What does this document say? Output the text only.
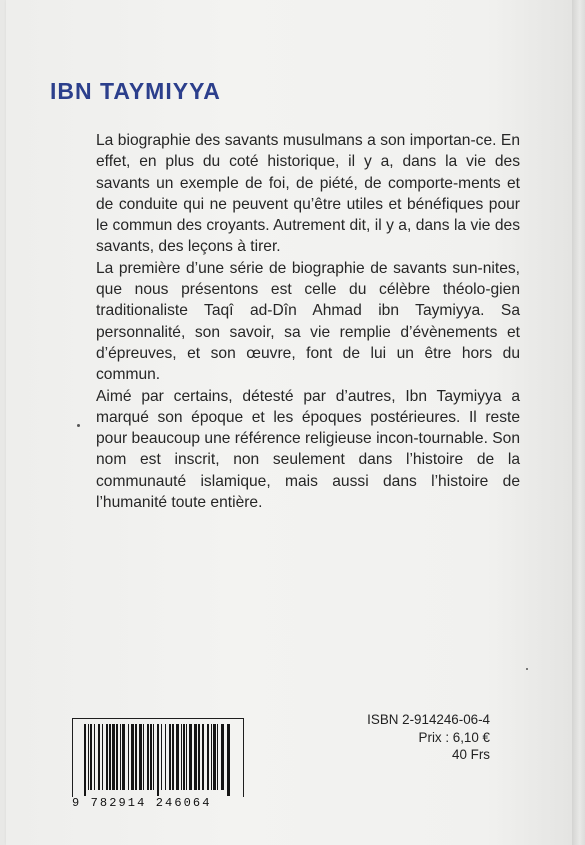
IBN TAYMIYYA

La biographie des savants musulmans a son importan-ce. En effet, en plus du coté historique, il y a, dans la vie des savants un exemple de foi, de piété, de comporte-ments et de conduite qui ne peuvent qu’être utiles et bénéfiques pour le commun des croyants. Autrement dit, il y a, dans la vie des savants, des leçons à tirer.

La première d’une série de biographie de savants sun-nites, que nous présentons est celle du célèbre théolo-gien traditionaliste Taqî ad-Dîn Ahmad ibn Taymiyya. Sa personnalité, son savoir, sa vie remplie d’évènements et d’épreuves, et son œuvre, font de lui un être hors du commun.

Aimé par certains, détesté par d’autres, Ibn Taymiyya a marqué son époque et les époques postérieures. Il reste pour beaucoup une référence religieuse incon-tournable. Son nom est inscrit, non seulement dans l’histoire de la communauté islamique, mais aussi dans l’histoire de l’humanité toute entière.

ISBN 2-914246-06-4
Prix : 6,10 €
40 Frs
9 782914 246064
